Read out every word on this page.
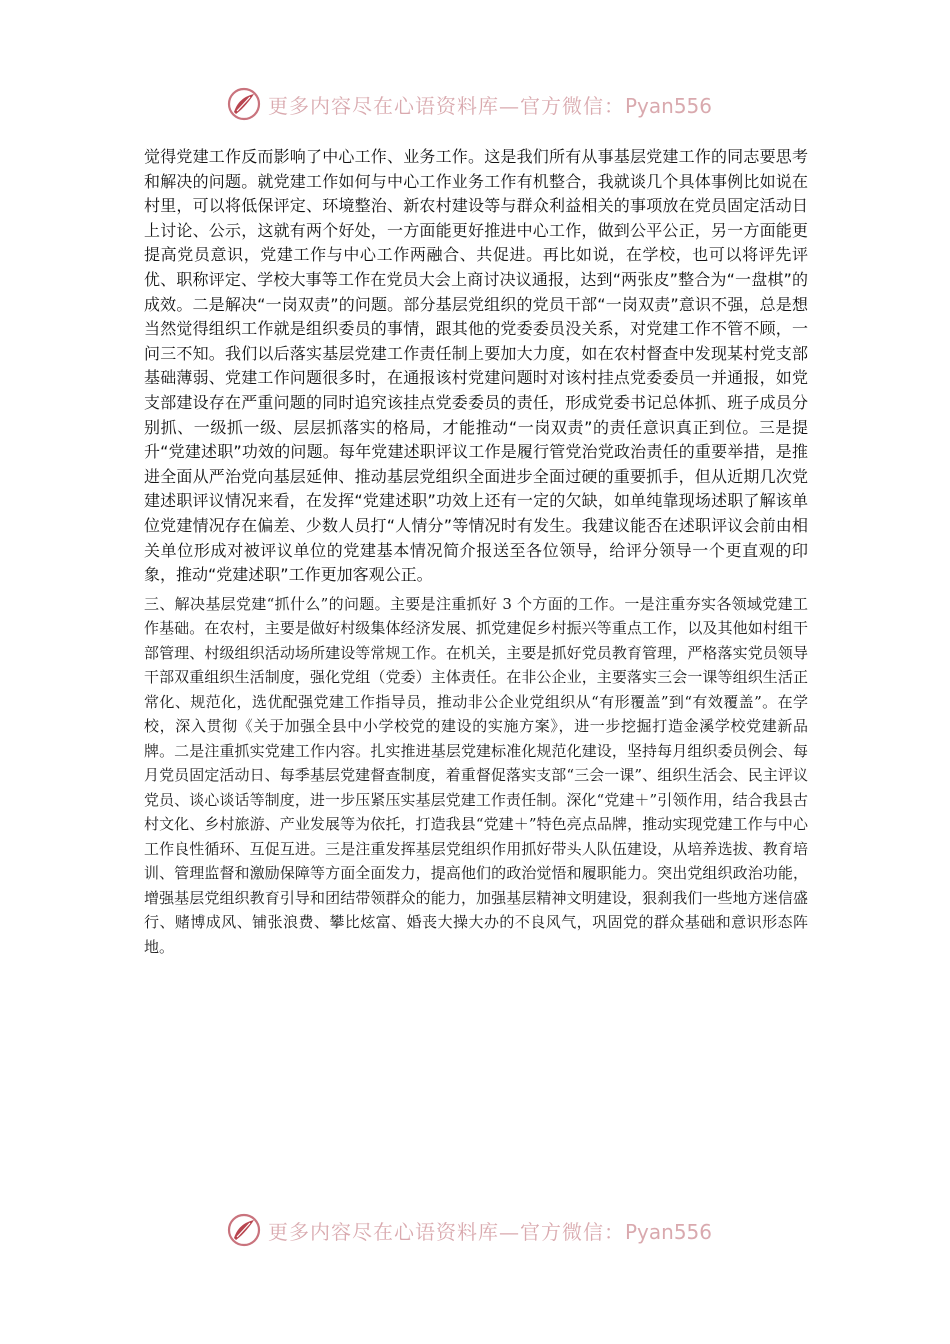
更多内容尽在心语资料库—官方微信：Pyan556

觉得党建工作反而影响了中心工作、业务工作。这是我们所有从事基层党建工作的同志要思考和解决的问题。就党建工作如何与中心工作业务工作有机整合，我就谈几个具体事例比如说在村里，可以将低保评定、环境整治、新农村建设等与群众利益相关的事项放在党员固定活动日上讨论、公示，这就有两个好处，一方面能更好推进中心工作，做到公平公正，另一方面能更提高党员意识，党建工作与中心工作两融合、共促进。再比如说，在学校，也可以将评先评优、职称评定、学校大事等工作在党员大会上商讨决议通报，达到“两张皮”整合为“一盘棋”的成效。二是解决“一岗双责”的问题。部分基层党组织的党员干部“一岗双责”意识不强，总是想当然觉得组织工作就是组织委员的事情，跟其他的党委委员没关系，对党建工作不管不顾，一问三不知。我们以后落实基层党建工作责任制上要加大力度，如在农村督查中发现某村党支部基础薄弱、党建工作问题很多时，在通报该村党建问题时对该村挂点党委委员一并通报，如党支部建设存在严重问题的同时追究该挂点党委委员的责任，形成党委书记总体抓、班子成员分别抓、一级抓一级、层层抓落实的格局，才能推动“一岗双责”的责任意识真正到位。三是提升“党建述职”功效的问题。每年党建述职评议工作是履行管党治党政治责任的重要举措，是推进全面从严治党向基层延伸、推动基层党组织全面进步全面过硬的重要抓手，但从近期几次党建述职评议情况来看，在发挥“党建述职”功效上还有一定的欠缺，如单纯靠现场述职了解该单位党建情况存在偏差、少数人员打“人情分”等情况时有发生。我建议能否在述职评议会前由相关单位形成对被评议单位的党建基本情况简介报送至各位领导，给评分领导一个更直观的印象，推动“党建述职”工作更加客观公正。

三、解决基层党建“抓什么”的问题。主要是注重抓好 3 个方面的工作。一是注重夯实各领域党建工作基础。在农村，主要是做好村级集体经济发展、抓党建促乡村振兴等重点工作，以及其他如村组干部管理、村级组织活动场所建设等常规工作。在机关，主要是抓好党员教育管理，严格落实党员领导干部双重组织生活制度，强化党组（党委）主体责任。在非公企业，主要落实三会一课等组织生活正常化、规范化，选优配强党建工作指导员，推动非公企业党组织从“有形覆盖”到“有效覆盖”。在学校，深入贯彻《关于加强全县中小学校党的建设的实施方案》，进一步挖掘打造金溪学校党建新品牌。二是注重抓实党建工作内容。扎实推进基层党建标准化规范化建设，坚持每月组织委员例会、每月党员固定活动日、每季基层党建督查制度，着重督促落实支部“三会一课”、组织生活会、民主评议党员、谈心谈话等制度，进一步压紧压实基层党建工作责任制。深化“党建＋”引领作用，结合我县古村文化、乡村旅游、产业发展等为依托，打造我县“党建＋”特色亮点品牌，推动实现党建工作与中心工作良性循环、互促互进。三是注重发挥基层党组织作用抓好带头人队伍建设，从培养选拔、教育培训、管理监督和激励保障等方面全面发力，提高他们的政治觉悟和履职能力。突出党组织政治功能，增强基层党组织教育引导和团结带领群众的能力，加强基层精神文明建设，狠刹我们一些地方迷信盛行、赌博成风、铺张浪费、攀比炫富、婚丧大操大办的不良风气，巩固党的群众基础和意识形态阵地。

更多内容尽在心语资料库—官方微信：Pyan556
